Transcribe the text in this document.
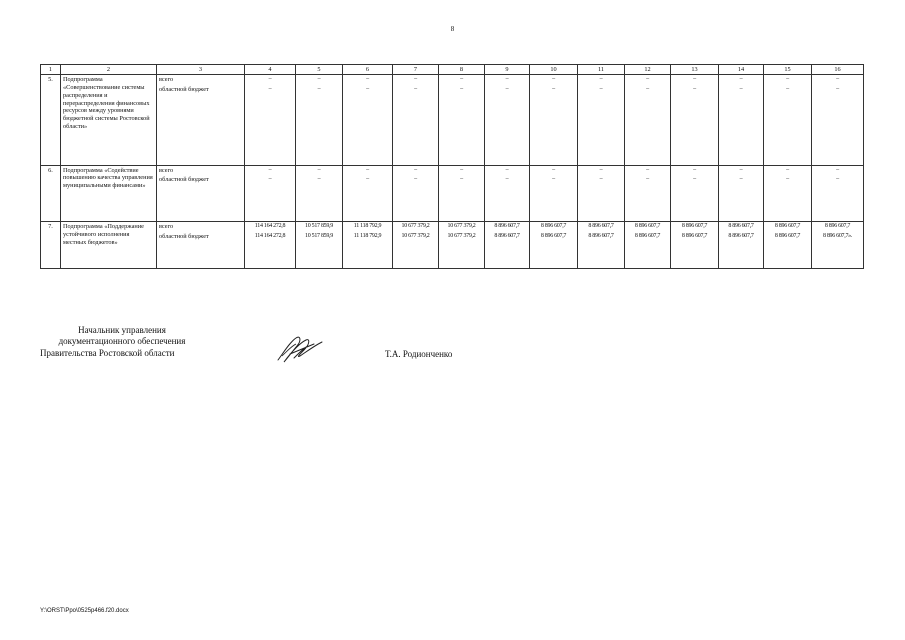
8
1	2	3	4	5	6	7	8	9	10	11	12	13	14	15	16
5.	Подпрограмма «Совершенствование системы распределения и перераспределения финансовых ресурсов между уровнями бюджетной системы Ростовской области»	всего	–	–	–	–	–	–	–	–	–	–	–	–	–
		областной бюджет	–	–	–	–	–	–	–	–	–	–	–	–	–
6.	Подпрограмма «Содействие повышению качества управления муниципальными финансами»	всего	–	–	–	–	–	–	–	–	–	–	–	–	–
		областной бюджет	–	–	–	–	–	–	–	–	–	–	–	–	–
7.	Подпрограмма «Поддержание устойчивого исполнения местных бюджетов»	всего	114 164 272,8	10 517 859,9	11 118 792,9	10 677 379,2	10 677 379,2	8 896 607,7	8 896 607,7	8 896 607,7	8 896 607,7	8 896 607,7	8 896 607,7	8 896 607,7	8 896 607,7
		областной бюджет	114 164 272,8	10 517 859,9	11 118 792,9	10 677 379,2	10 677 379,2	8 896 607,7	8 896 607,7	8 896 607,7	8 896 607,7	8 896 607,7	8 896 607,7	8 896 607,7	8 896 607,7».
Начальник управления
документационного обеспечения
Правительства Ростовской области	Т.А. Родионченко
Y:\ORST\Ppo\0525p466.f20.docx
